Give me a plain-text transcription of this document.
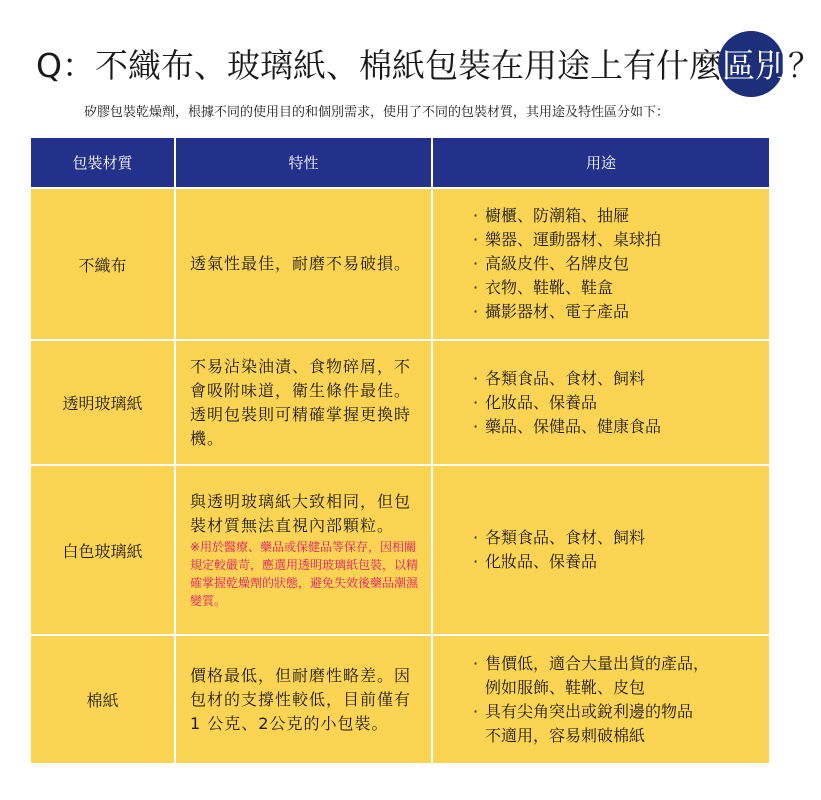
Q：不織布、玻璃紙、棉紙包裝在用途上有什麼區別？
矽膠包裝乾燥劑，根據不同的使用目的和個別需求，使用了不同的包裝材質，其用途及特性區分如下：
包裝材質	特性	用途
不織布	透氣性最佳，耐磨不易破損。	· 櫥櫃、防潮箱、抽屜
· 樂器、運動器材、桌球拍
· 高級皮件、名牌皮包
· 衣物、鞋靴、鞋盒
· 攝影器材、電子產品

透明玻璃紙	不易沾染油漬、食物碎屑，不會吸附味道，衛生條件最佳。透明包裝則可精確掌握更換時機。	· 各類食品、食材、飼料
· 化妝品、保養品
· 藥品、保健品、健康食品

白色玻璃紙	與透明玻璃紙大致相同，但包裝材質無法直視內部顆粒。
※用於醫療、藥品或保健品等保存，因相關規定較嚴苛，應選用透明玻璃紙包裝，以精確掌握乾燥劑的狀態，避免失效後藥品潮濕變質。	· 各類食品、食材、飼料
· 化妝品、保養品

棉紙	價格最低，但耐磨性略差。因包材的支撐性較低，目前僅有 1 公克、2公克的小包裝。	· 售價低，適合大量出貨的產品，
例如服飾、鞋靴、皮包
· 具有尖角突出或銳利邊的物品
不適用，容易刺破棉紙
